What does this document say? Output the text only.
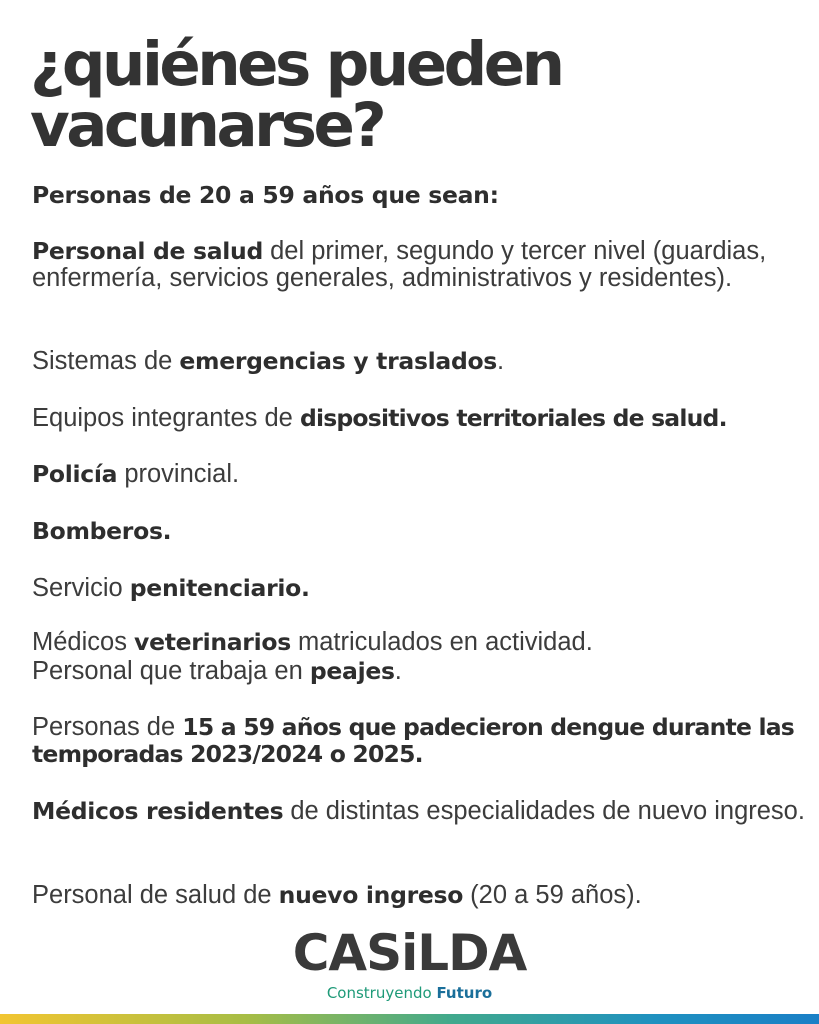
¿quiénes pueden
vacunarse?

Personas de 20 a 59 años que sean:

Personal de salud del primer, segundo y tercer nivel (guardias, enfermería, servicios generales, administrativos y residentes).

Sistemas de emergencias y traslados.

Equipos integrantes de dispositivos territoriales de salud.

Policía provincial.

Bomberos.

Servicio penitenciario.

Médicos veterinarios matriculados en actividad.

Personal que trabaja en peajes.

Personas de 15 a 59 años que padecieron dengue durante las temporadas 2023/2024 o 2025.

Médicos residentes de distintas especialidades de nuevo ingreso.

Personal de salud de nuevo ingreso (20 a 59 años).

CASiLDA
Construyendo Futuro
